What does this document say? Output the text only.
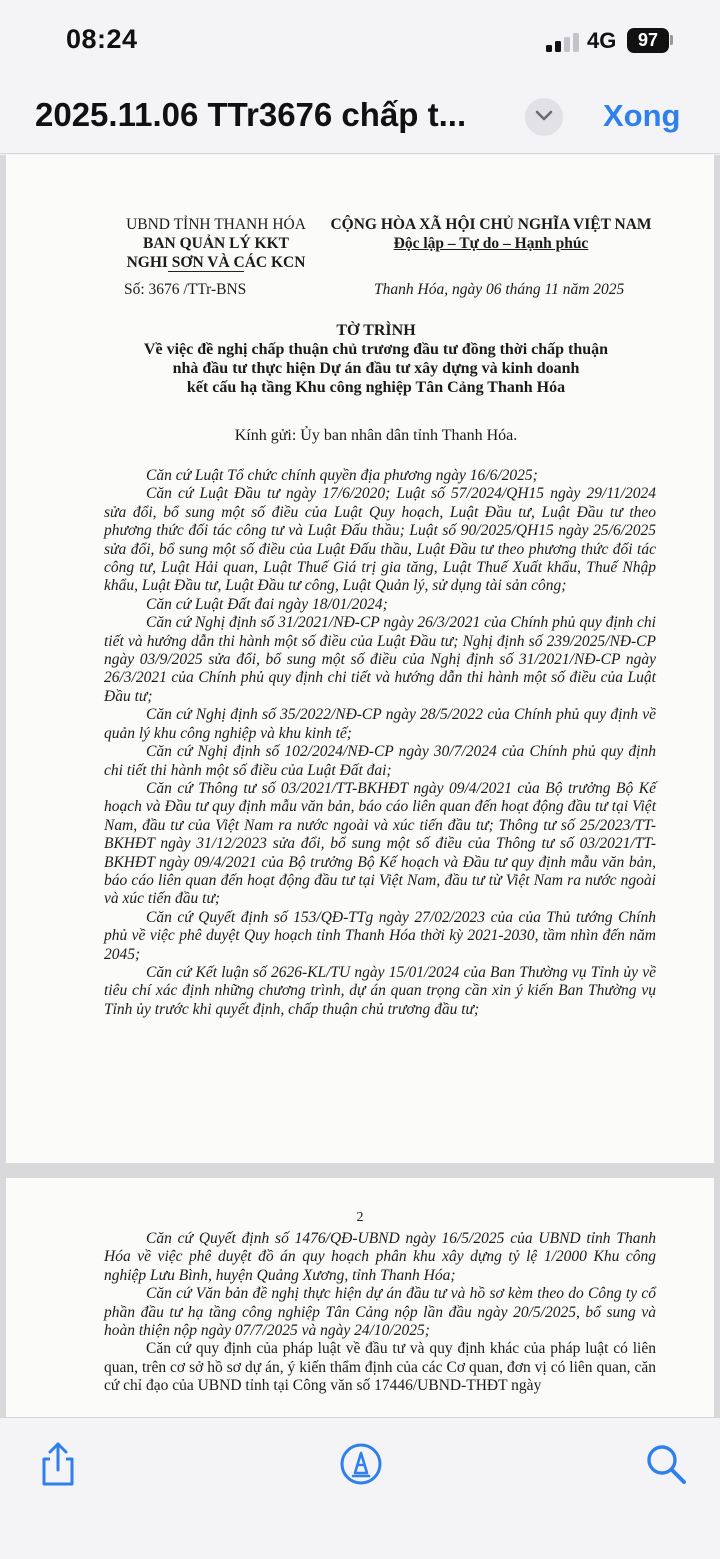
08:24	4G	97
2025.11.06 TTr3676 chấp t...	Xong
UBND TỈNH THANH HÓA
BAN QUẢN LÝ KKT
NGHI SƠN VÀ CÁC KCN
CỘNG HÒA XÃ HỘI CHỦ NGHĨA VIỆT NAM
Độc lập – Tự do – Hạnh phúc
Số: 3676 /TTr-BNS	Thanh Hóa, ngày 06 tháng 11 năm 2025
TỜ TRÌNH
Về việc đề nghị chấp thuận chủ trương đầu tư đồng thời chấp thuận
nhà đầu tư thực hiện Dự án đầu tư xây dựng và kinh doanh
kết cấu hạ tầng Khu công nghiệp Tân Cảng Thanh Hóa
Kính gửi: Ủy ban nhân dân tỉnh Thanh Hóa.

Căn cứ Luật Tổ chức chính quyền địa phương ngày 16/6/2025;

Căn cứ Luật Đầu tư ngày 17/6/2020; Luật số 57/2024/QH15 ngày 29/11/2024 sửa đổi, bổ sung một số điều của Luật Quy hoạch, Luật Đầu tư, Luật Đầu tư theo phương thức đối tác công tư và Luật Đấu thầu; Luật số 90/2025/QH15 ngày 25/6/2025 sửa đổi, bổ sung một số điều của Luật Đấu thầu, Luật Đầu tư theo phương thức đối tác công tư, Luật Hải quan, Luật Thuế Giá trị gia tăng, Luật Thuế Xuất khẩu, Thuế Nhập khẩu, Luật Đầu tư, Luật Đầu tư công, Luật Quản lý, sử dụng tài sản công;

Căn cứ Luật Đất đai ngày 18/01/2024;

Căn cứ Nghị định số 31/2021/NĐ-CP ngày 26/3/2021 của Chính phủ quy định chi tiết và hướng dẫn thi hành một số điều của Luật Đầu tư; Nghị định số 239/2025/NĐ-CP ngày 03/9/2025 sửa đổi, bổ sung một số điều của Nghị định số 31/2021/NĐ-CP ngày 26/3/2021 của Chính phủ quy định chi tiết và hướng dẫn thi hành một số điều của Luật Đầu tư;

Căn cứ Nghị định số 35/2022/NĐ-CP ngày 28/5/2022 của Chính phủ quy định về quản lý khu công nghiệp và khu kinh tế;

Căn cứ Nghị định số 102/2024/NĐ-CP ngày 30/7/2024 của Chính phủ quy định chi tiết thi hành một số điều của Luật Đất đai;

Căn cứ Thông tư số 03/2021/TT-BKHĐT ngày 09/4/2021 của Bộ trưởng Bộ Kế hoạch và Đầu tư quy định mẫu văn bản, báo cáo liên quan đến hoạt động đầu tư tại Việt Nam, đầu tư của Việt Nam ra nước ngoài và xúc tiến đầu tư; Thông tư số 25/2023/TT-BKHĐT ngày 31/12/2023 sửa đổi, bổ sung một số điều của Thông tư số 03/2021/TT-BKHĐT ngày 09/4/2021 của Bộ trưởng Bộ Kế hoạch và Đầu tư quy định mẫu văn bản, báo cáo liên quan đến hoạt động đầu tư tại Việt Nam, đầu tư từ Việt Nam ra nước ngoài và xúc tiến đầu tư;

Căn cứ Quyết định số 153/QĐ-TTg ngày 27/02/2023 của của Thủ tướng Chính phủ về việc phê duyệt Quy hoạch tỉnh Thanh Hóa thời kỳ 2021-2030, tầm nhìn đến năm 2045;

Căn cứ Kết luận số 2626-KL/TU ngày 15/01/2024 của Ban Thường vụ Tỉnh ủy về tiêu chí xác định những chương trình, dự án quan trọng cần xin ý kiến Ban Thường vụ Tỉnh ủy trước khi quyết định, chấp thuận chủ trương đầu tư;

2

Căn cứ Quyết định số 1476/QĐ-UBND ngày 16/5/2025 của UBND tỉnh Thanh Hóa về việc phê duyệt đồ án quy hoạch phân khu xây dựng tỷ lệ 1/2000 Khu công nghiệp Lưu Bình, huyện Quảng Xương, tỉnh Thanh Hóa;

Căn cứ Văn bản đề nghị thực hiện dự án đầu tư và hồ sơ kèm theo do Công ty cổ phần đầu tư hạ tầng công nghiệp Tân Cảng nộp lần đầu ngày 20/5/2025, bổ sung và hoàn thiện nộp ngày 07/7/2025 và ngày 24/10/2025;

Căn cứ quy định của pháp luật về đầu tư và quy định khác của pháp luật có liên quan, trên cơ sở hồ sơ dự án, ý kiến thẩm định của các Cơ quan, đơn vị có liên quan, căn cứ chỉ đạo của UBND tỉnh tại Công văn số 17446/UBND-THĐT ngày
